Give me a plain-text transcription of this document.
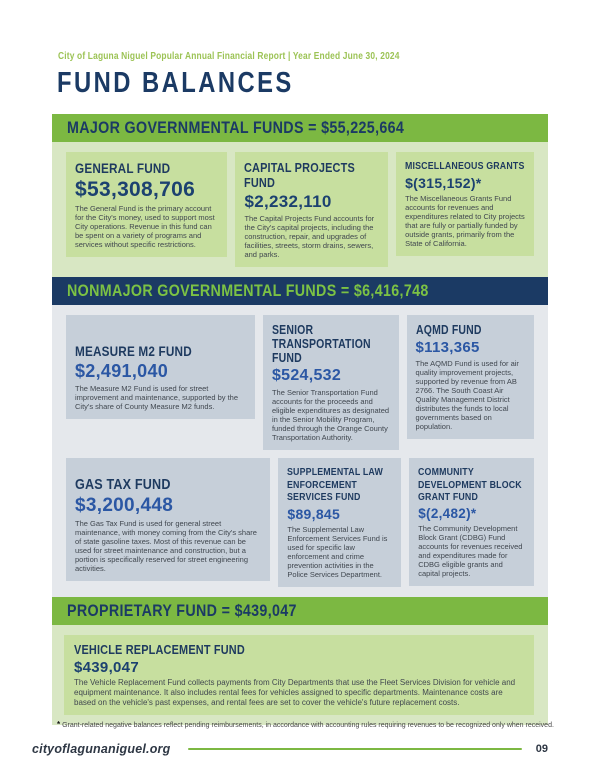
City of Laguna Niguel Popular Annual Financial Report | Year Ended June 30, 2024
FUND BALANCES
MAJOR GOVERNMENTAL FUNDS = $55,225,664
GENERAL FUND
$53,308,706
The General Fund is the primary account for the City's money, used to support most City operations. Revenue in this fund can be spent on a variety of programs and services without specific restrictions.
CAPITAL PROJECTS FUND
$2,232,110
The Capital Projects Fund accounts for the City's capital projects, including the construction, repair, and upgrades of facilities, streets, storm drains, sewers, and parks.
MISCELLANEOUS GRANTS
$(315,152)*
The Miscellaneous Grants Fund accounts for revenues and expenditures related to City projects that are fully or partially funded by outside grants, primarily from the State of California.
NONMAJOR GOVERNMENTAL FUNDS = $6,416,748
MEASURE M2 FUND
$2,491,040
The Measure M2 Fund is used for street improvement and maintenance, supported by the City's share of County Measure M2 funds.
SENIOR TRANSPORTATION FUND
$524,532
The Senior Transportation Fund accounts for the proceeds and eligible expenditures as designated in the Senior Mobility Program, funded through the Orange County Transportation Authority.
AQMD FUND
$113,365
The AQMD Fund is used for air quality improvement projects, supported by revenue from AB 2766. The South Coast Air Quality Management District distributes the funds to local governments based on population.
GAS TAX FUND
$3,200,448
The Gas Tax Fund is used for general street maintenance, with money coming from the City's share of state gasoline taxes. Most of this revenue can be used for street maintenance and construction, but a portion is specifically reserved for street engineering activities.
SUPPLEMENTAL LAW ENFORCEMENT SERVICES FUND
$89,845
The Supplemental Law Enforcement Services Fund is used for specific law enforcement and crime prevention activities in the Police Services Department.
COMMUNITY DEVELOPMENT BLOCK GRANT FUND
$(2,482)*
The Community Development Block Grant (CDBG) Fund accounts for revenues received and expenditures made for CDBG eligible grants and capital projects.
PROPRIETARY FUND = $439,047
VEHICLE REPLACEMENT FUND
$439,047
The Vehicle Replacement Fund collects payments from City Departments that use the Fleet Services Division for vehicle and equipment maintenance. It also includes rental fees for vehicles assigned to specific departments. Maintenance costs are based on the vehicle's past expenses, and rental fees are set to cover the vehicle's future replacement costs.
* Grant-related negative balances reflect pending reimbursements, in accordance with accounting rules requiring revenues to be recognized only when received.
cityoflagunaniguel.org	09
